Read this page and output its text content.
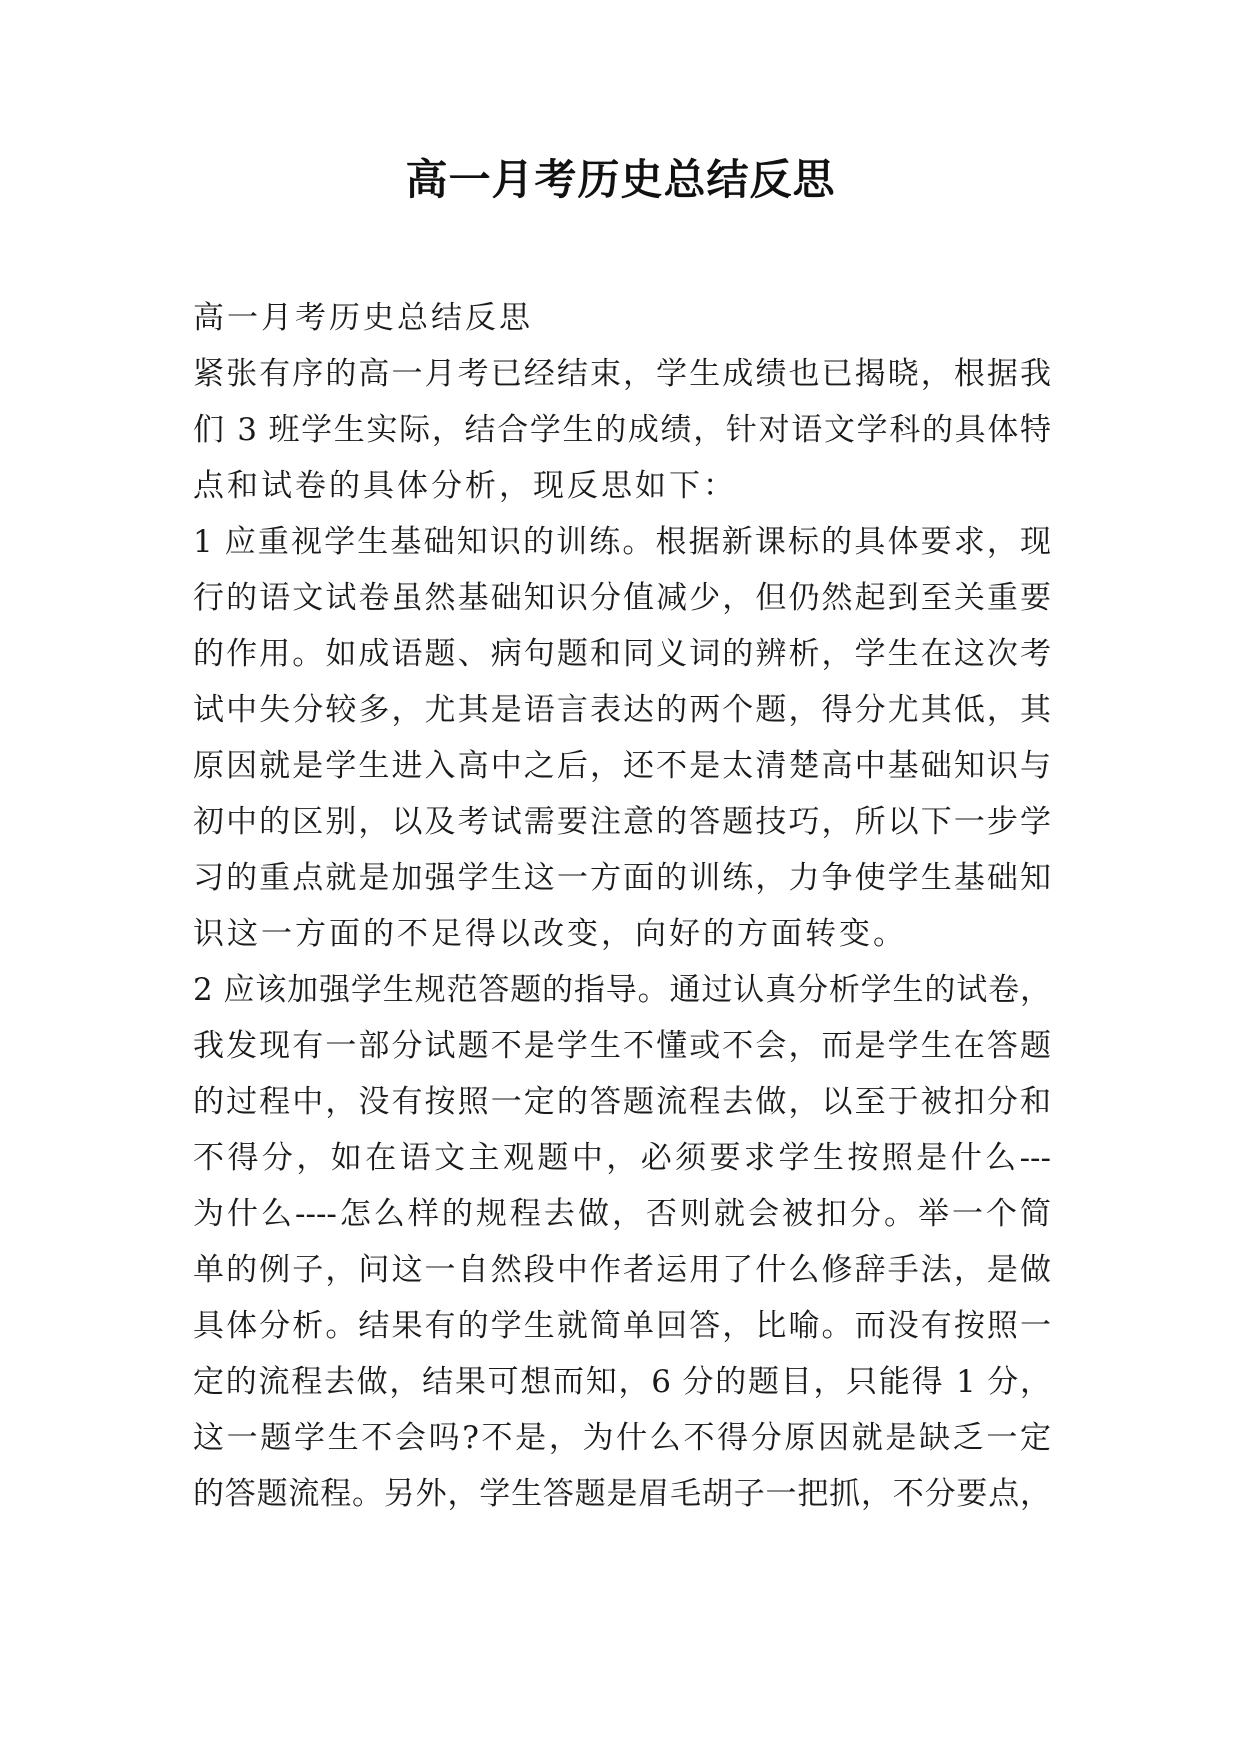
高一月考历史总结反思
高一月考历史总结反思
紧张有序的高一月考已经结束，学生成绩也已揭晓，根据我
们 3 班学生实际，结合学生的成绩，针对语文学科的具体特
点和试卷的具体分析，现反思如下：
1 应重视学生基础知识的训练。根据新课标的具体要求，现
行的语文试卷虽然基础知识分值减少，但仍然起到至关重要
的作用。如成语题、病句题和同义词的辨析，学生在这次考
试中失分较多，尤其是语言表达的两个题，得分尤其低，其
原因就是学生进入高中之后，还不是太清楚高中基础知识与
初中的区别，以及考试需要注意的答题技巧，所以下一步学
习的重点就是加强学生这一方面的训练，力争使学生基础知
识这一方面的不足得以改变，向好的方面转变。
2 应该加强学生规范答题的指导。通过认真分析学生的试卷，
我发现有一部分试题不是学生不懂或不会，而是学生在答题
的过程中，没有按照一定的答题流程去做，以至于被扣分和
不得分，如在语文主观题中，必须要求学生按照是什么---
为什么----怎么样的规程去做，否则就会被扣分。举一个简
单的例子，问这一自然段中作者运用了什么修辞手法，是做
具体分析。结果有的学生就简单回答，比喻。而没有按照一
定的流程去做，结果可想而知，6 分的题目，只能得 1 分，
这一题学生不会吗?不是，为什么不得分原因就是缺乏一定
的答题流程。另外，学生答题是眉毛胡子一把抓，不分要点，
